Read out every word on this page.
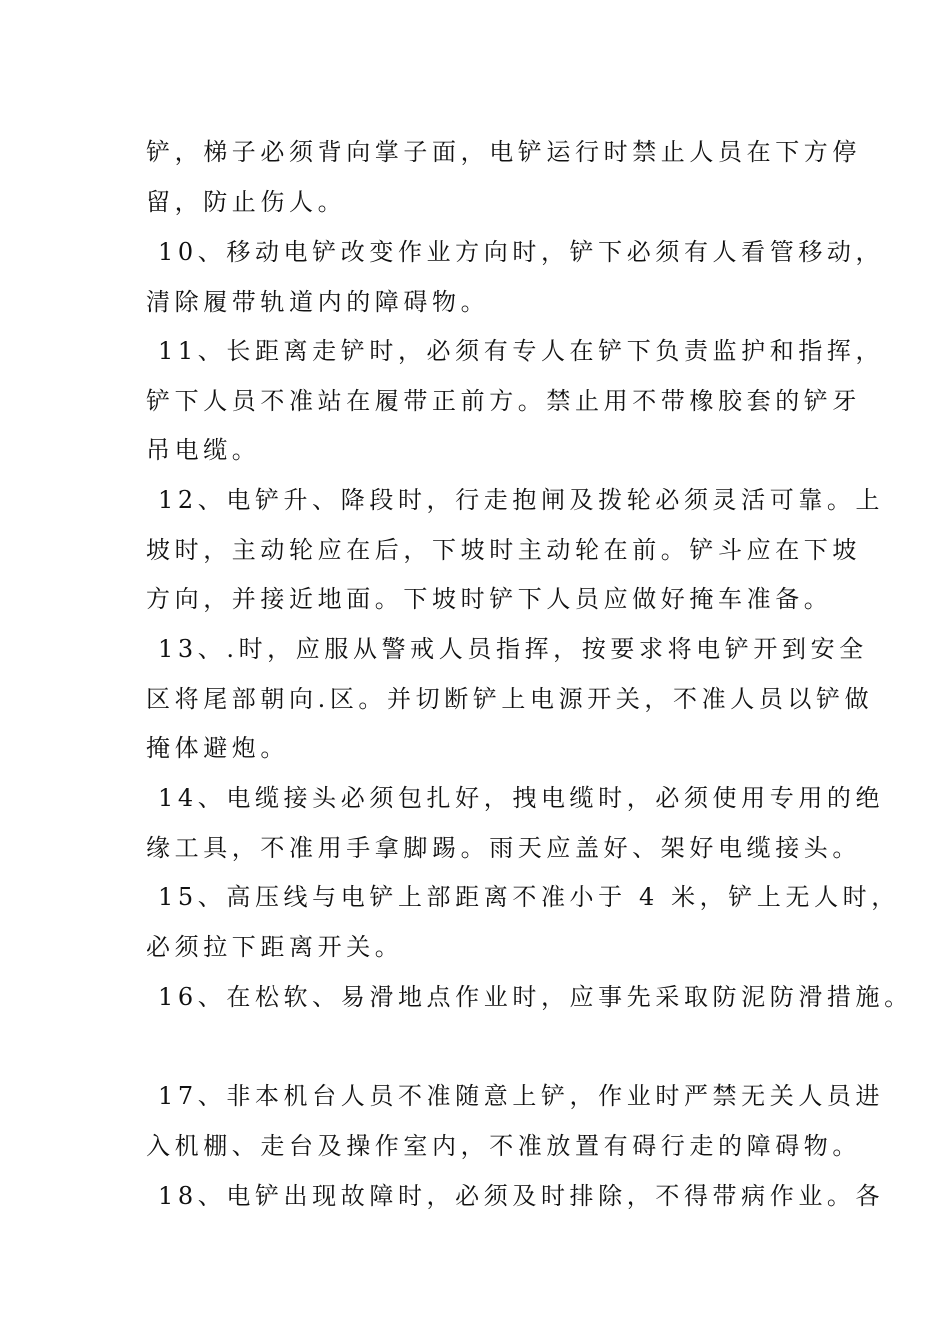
铲，梯子必须背向掌子面，电铲运行时禁止人员在下方停
留，防止伤人。
10、移动电铲改变作业方向时，铲下必须有人看管移动，
清除履带轨道内的障碍物。
11、长距离走铲时，必须有专人在铲下负责监护和指挥，
铲下人员不准站在履带正前方。禁止用不带橡胶套的铲牙
吊电缆。
12、电铲升、降段时，行走抱闸及拨轮必须灵活可靠。上
坡时，主动轮应在后，下坡时主动轮在前。铲斗应在下坡
方向，并接近地面。下坡时铲下人员应做好掩车准备。
13、.时，应服从警戒人员指挥，按要求将电铲开到安全
区将尾部朝向.区。并切断铲上电源开关，不准人员以铲做
掩体避炮。
14、电缆接头必须包扎好，拽电缆时，必须使用专用的绝
缘工具，不准用手拿脚踢。雨天应盖好、架好电缆接头。
15、高压线与电铲上部距离不准小于 4 米，铲上无人时，
必须拉下距离开关。
16、在松软、易滑地点作业时，应事先采取防泥防滑措施。
17、非本机台人员不准随意上铲，作业时严禁无关人员进
入机棚、走台及操作室内，不准放置有碍行走的障碍物。
18、电铲出现故障时，必须及时排除，不得带病作业。各
